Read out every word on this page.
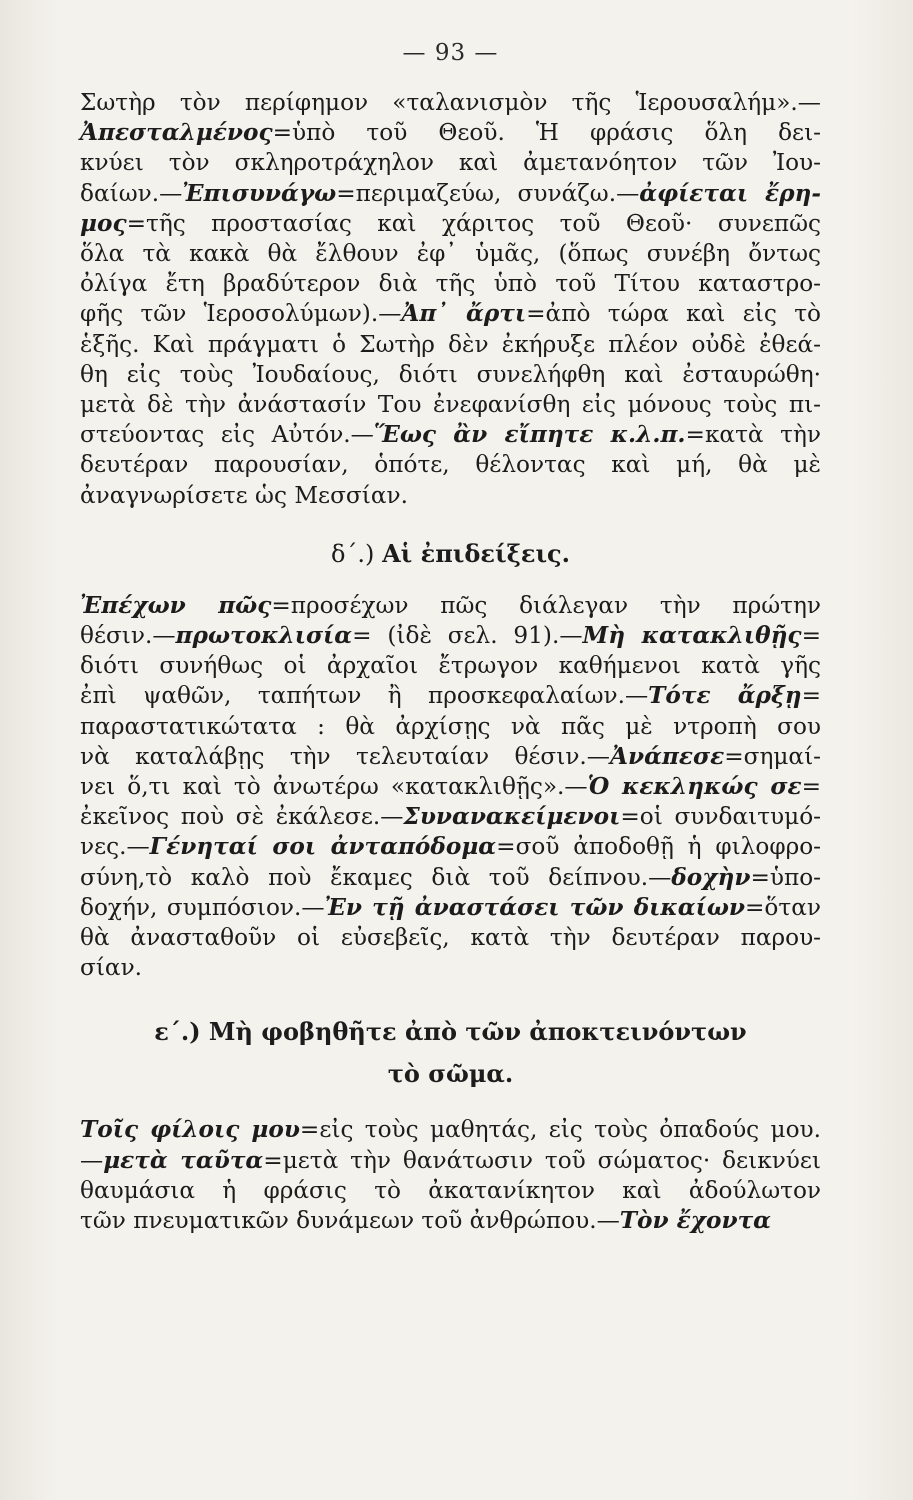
— 93 —
Σωτὴρ τὸν περίφημον «ταλανισμὸν τῆς Ἱερουσαλήμ».—
Ἀπεσταλμένος=ὑπὸ τοῦ Θεοῦ. Ἡ φράσις ὅλη δει-
κνύει τὸν σκληροτράχηλον καὶ ἀμετανόητον τῶν Ἰου-
δαίων.—Ἐπισυνάγω=περιμαζεύω, συνάζω.—ἀφίεται ἔρη-
μος=τῆς προστασίας καὶ χάριτος τοῦ Θεοῦ· συνεπῶς
ὅλα τὰ κακὰ θὰ ἔλθουν ἐφ᾿ ὑμᾶς, (ὅπως συνέβη ὄντως
ὀλίγα ἔτη βραδύτερον διὰ τῆς ὑπὸ τοῦ Τίτου καταστρο-
φῆς τῶν Ἱεροσολύμων).—Ἀπ᾿ ἄρτι=ἀπὸ τώρα καὶ εἰς τὸ
ἑξῆς. Καὶ πράγματι ὁ Σωτὴρ δὲν ἐκήρυξε πλέον οὐδὲ ἐθεά-
θη εἰς τοὺς Ἰουδαίους, διότι συνελήφθη καὶ ἐσταυρώθη·
μετὰ δὲ τὴν ἀνάστασίν Του ἐνεφανίσθη εἰς μόνους τοὺς πι-
στεύοντας εἰς Αὐτόν.—Ἕως ἂν εἴπητε κ.λ.π.=κατὰ τὴν
δευτέραν παρουσίαν, ὁπότε, θέλοντας καὶ μή, θὰ μὲ
ἀναγνωρίσετε ὡς Μεσσίαν.
δ΄.) Αἱ ἐπιδείξεις.
Ἐπέχων πῶς=προσέχων πῶς διάλεγαν τὴν πρώτην
θέσιν.—πρωτοκλισία= (ἰδὲ σελ. 91).—Μὴ κατακλιθῇς=
διότι συνήθως οἱ ἀρχαῖοι ἔτρωγον καθήμενοι κατὰ γῆς
ἐπὶ ψαθῶν, ταπήτων ἢ προσκεφαλαίων.—Τότε ἄρξῃ=
παραστατικώτατα : θὰ ἀρχίσῃς νὰ πᾶς μὲ ντροπὴ σου
νὰ καταλάβῃς τὴν τελευταίαν θέσιν.—Ἀνάπεσε=σημαί-
νει ὅ,τι καὶ τὸ ἀνωτέρω «κατακλιθῇς».—Ὁ κεκληκώς σε=
ἐκεῖνος ποὺ σὲ ἐκάλεσε.—Συνανακείμενοι=οἱ συνδαιτυμό-
νες.—Γένηταί σοι ἀνταπόδομα=σοῦ ἀποδοθῇ ἡ φιλοφρο-
σύνη,τὸ καλὸ ποὺ ἔκαμες διὰ τοῦ δείπνου.—δοχὴν=ὑπο-
δοχήν, συμπόσιον.—Ἐν τῇ ἀναστάσει τῶν δικαίων=ὅταν
θὰ ἀνασταθοῦν οἱ εὐσεβεῖς, κατὰ τὴν δευτέραν παρου-
σίαν.
ε΄.) Μὴ φοβηθῆτε ἀπὸ τῶν ἀποκτεινόντων
τὸ σῶμα.
Τοῖς φίλοις μου=εἰς τοὺς μαθητάς, εἰς τοὺς ὀπαδούς μου.
—μετὰ ταῦτα=μετὰ τὴν θανάτωσιν τοῦ σώματος· δεικνύει
θαυμάσια ἡ φράσις τὸ ἀκατανίκητον καὶ ἀδούλωτον
τῶν πνευματικῶν δυνάμεων τοῦ ἀνθρώπου.—Τὸν ἔχοντα
